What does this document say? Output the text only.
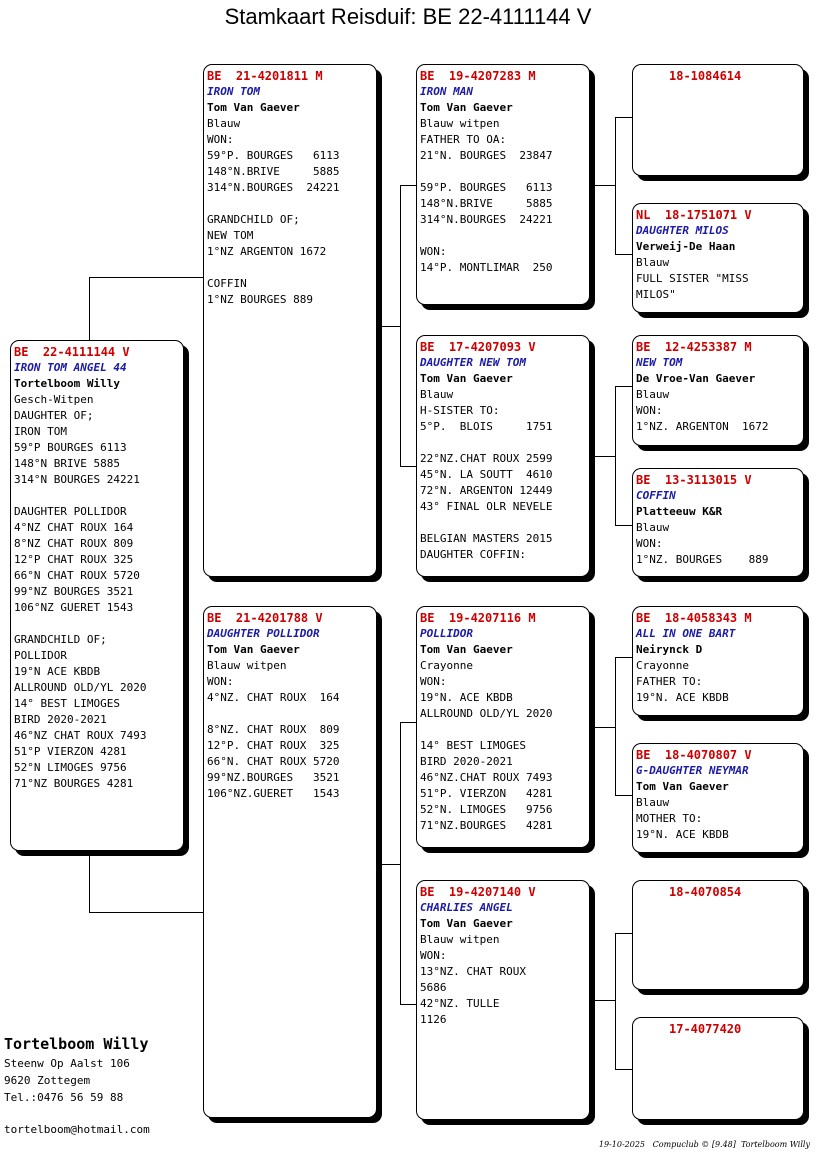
Stamkaart Reisduif: BE 22-4111144 V
BE  22-4111144 V
IRON TOM ANGEL 44
Tortelboom Willy
Gesch-Witpen
DAUGHTER OF;
IRON TOM
59°P BOURGES 6113
148°N BRIVE 5885
314°N BOURGES 24221
DAUGHTER POLLIDOR
4°NZ CHAT ROUX 164
8°NZ CHAT ROUX 809
12°P CHAT ROUX 325
66°N CHAT ROUX 5720
99°NZ BOURGES 3521
106°NZ GUERET 1543
GRANDCHILD OF;
POLLIDOR
19°N ACE KBDB
ALLROUND OLD/YL 2020
14° BEST LIMOGES
BIRD 2020-2021
46°NZ CHAT ROUX 7493
51°P VIERZON 4281
52°N LIMOGES 9756
71°NZ BOURGES 4281
BE  21-4201811 M
IRON TOM
Tom Van Gaever
Blauw
WON:
59°P. BOURGES   6113
148°N.BRIVE     5885
314°N.BOURGES  24221
GRANDCHILD OF;
NEW TOM
1°NZ ARGENTON 1672
COFFIN
1°NZ BOURGES 889
BE  21-4201788 V
DAUGHTER POLLIDOR
Tom Van Gaever
Blauw witpen
WON:
4°NZ. CHAT ROUX  164
8°NZ. CHAT ROUX  809
12°P. CHAT ROUX  325
66°N. CHAT ROUX 5720
99°NZ.BOURGES   3521
106°NZ.GUERET   1543
BE  19-4207283 M
IRON MAN
Tom Van Gaever
Blauw witpen
FATHER TO OA:
21°N. BOURGES  23847
59°P. BOURGES   6113
148°N.BRIVE     5885
314°N.BOURGES  24221
WON:
14°P. MONTLIMAR  250
BE  17-4207093 V
DAUGHTER NEW TOM
Tom Van Gaever
Blauw
H-SISTER TO:
5°P.  BLOIS     1751
22°NZ.CHAT ROUX 2599
45°N. LA SOUTT  4610
72°N. ARGENTON 12449
43° FINAL OLR NEVELE
BELGIAN MASTERS 2015
DAUGHTER COFFIN:
BE  19-4207116 M
POLLIDOR
Tom Van Gaever
Crayonne
WON:
19°N. ACE KBDB
ALLROUND OLD/YL 2020
14° BEST LIMOGES
BIRD 2020-2021
46°NZ.CHAT ROUX 7493
51°P. VIERZON   4281
52°N. LIMOGES   9756
71°NZ.BOURGES   4281
BE  19-4207140 V
CHARLIES ANGEL
Tom Van Gaever
Blauw witpen
WON:
13°NZ. CHAT ROUX
5686
42°NZ. TULLE
1126
18-1084614
NL  18-1751071 V
DAUGHTER MILOS
Verweij-De Haan
Blauw
FULL SISTER "MISS
MILOS"
BE  12-4253387 M
NEW TOM
De Vroe-Van Gaever
Blauw
WON:
1°NZ. ARGENTON  1672
BE  13-3113015 V
COFFIN
Platteeuw K&R
Blauw
WON:
1°NZ. BOURGES    889
BE  18-4058343 M
ALL IN ONE BART
Neirynck D
Crayonne
FATHER TO:
19°N. ACE KBDB
BE  18-4070807 V
G-DAUGHTER NEYMAR
Tom Van Gaever
Blauw
MOTHER TO:
19°N. ACE KBDB
18-4070854
17-4077420
Tortelboom Willy
Steenw Op Aalst 106
9620 Zottegem
Tel.:0476 56 59 88
tortelboom@hotmail.com
19-10-2025   Compuclub © [9.48]  Tortelboom Willy
